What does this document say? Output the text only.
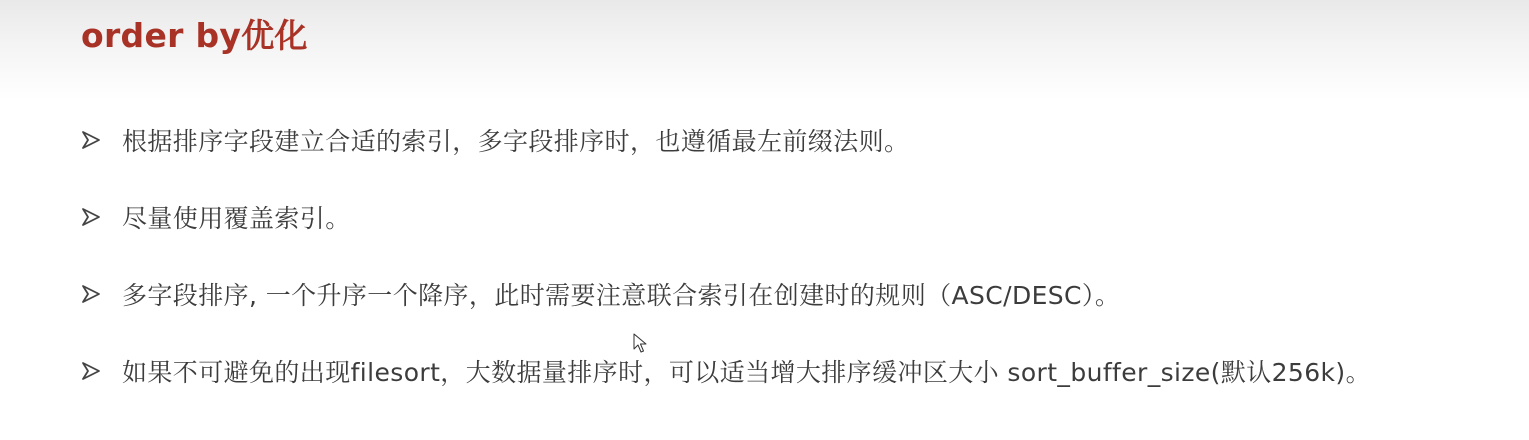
order by优化
根据排序字段建立合适的索引，多字段排序时，也遵循最左前缀法则。
尽量使用覆盖索引。
多字段排序, 一个升序一个降序，此时需要注意联合索引在创建时的规则（ASC/DESC）。
如果不可避免的出现filesort，大数据量排序时，可以适当增大排序缓冲区大小 sort_buffer_size(默认256k)。
